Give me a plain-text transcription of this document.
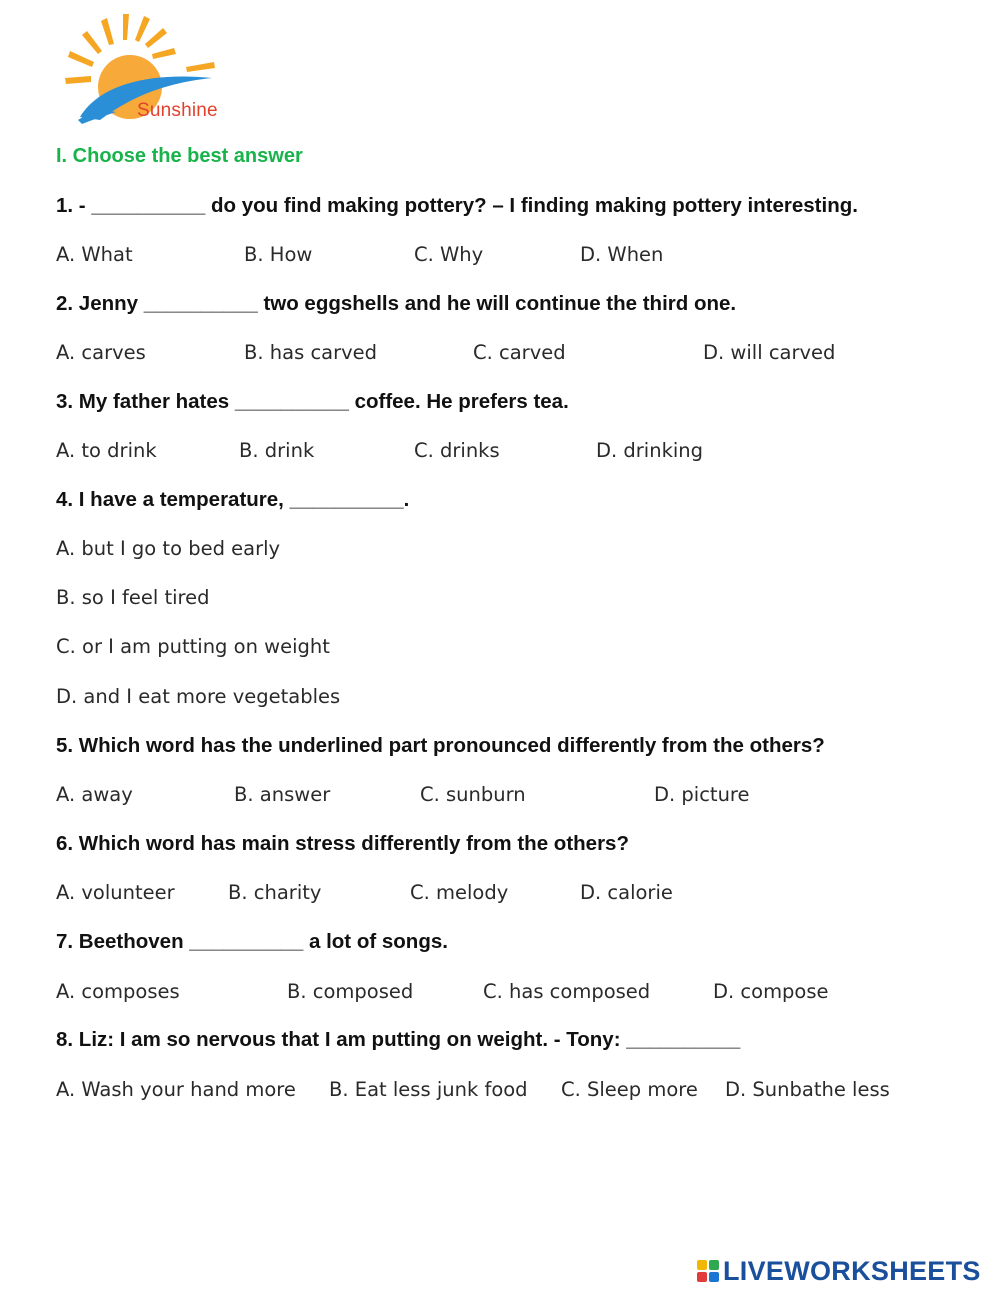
Sunshine
I. Choose the best answer
1. - __________ do you find making pottery? – I finding making pottery interesting.
A. What	B. How	C. Why	D. When
2. Jenny __________ two eggshells and he will continue the third one.
A. carves	B. has carved	C. carved	D. will carved
3. My father hates __________ coffee. He prefers tea.
A. to drink	B. drink	C. drinks	D. drinking
4. I have a temperature, __________.
A. but I go to bed early
B. so I feel tired
C. or I am putting on weight
D. and I eat more vegetables
5. Which word has the underlined part pronounced differently from the others?
A. away	B. answer	C. sunburn	D. picture
6. Which word has main stress differently from the others?
A. volunteer	B. charity	C. melody	D. calorie
7. Beethoven __________ a lot of songs.
A. composes	B. composed	C. has composed	D. compose
8. Liz: I am so nervous that I am putting on weight. - Tony: __________
A. Wash your hand more B. Eat less junk food C. Sleep more D. Sunbathe less
LIVEWORKSHEETS
